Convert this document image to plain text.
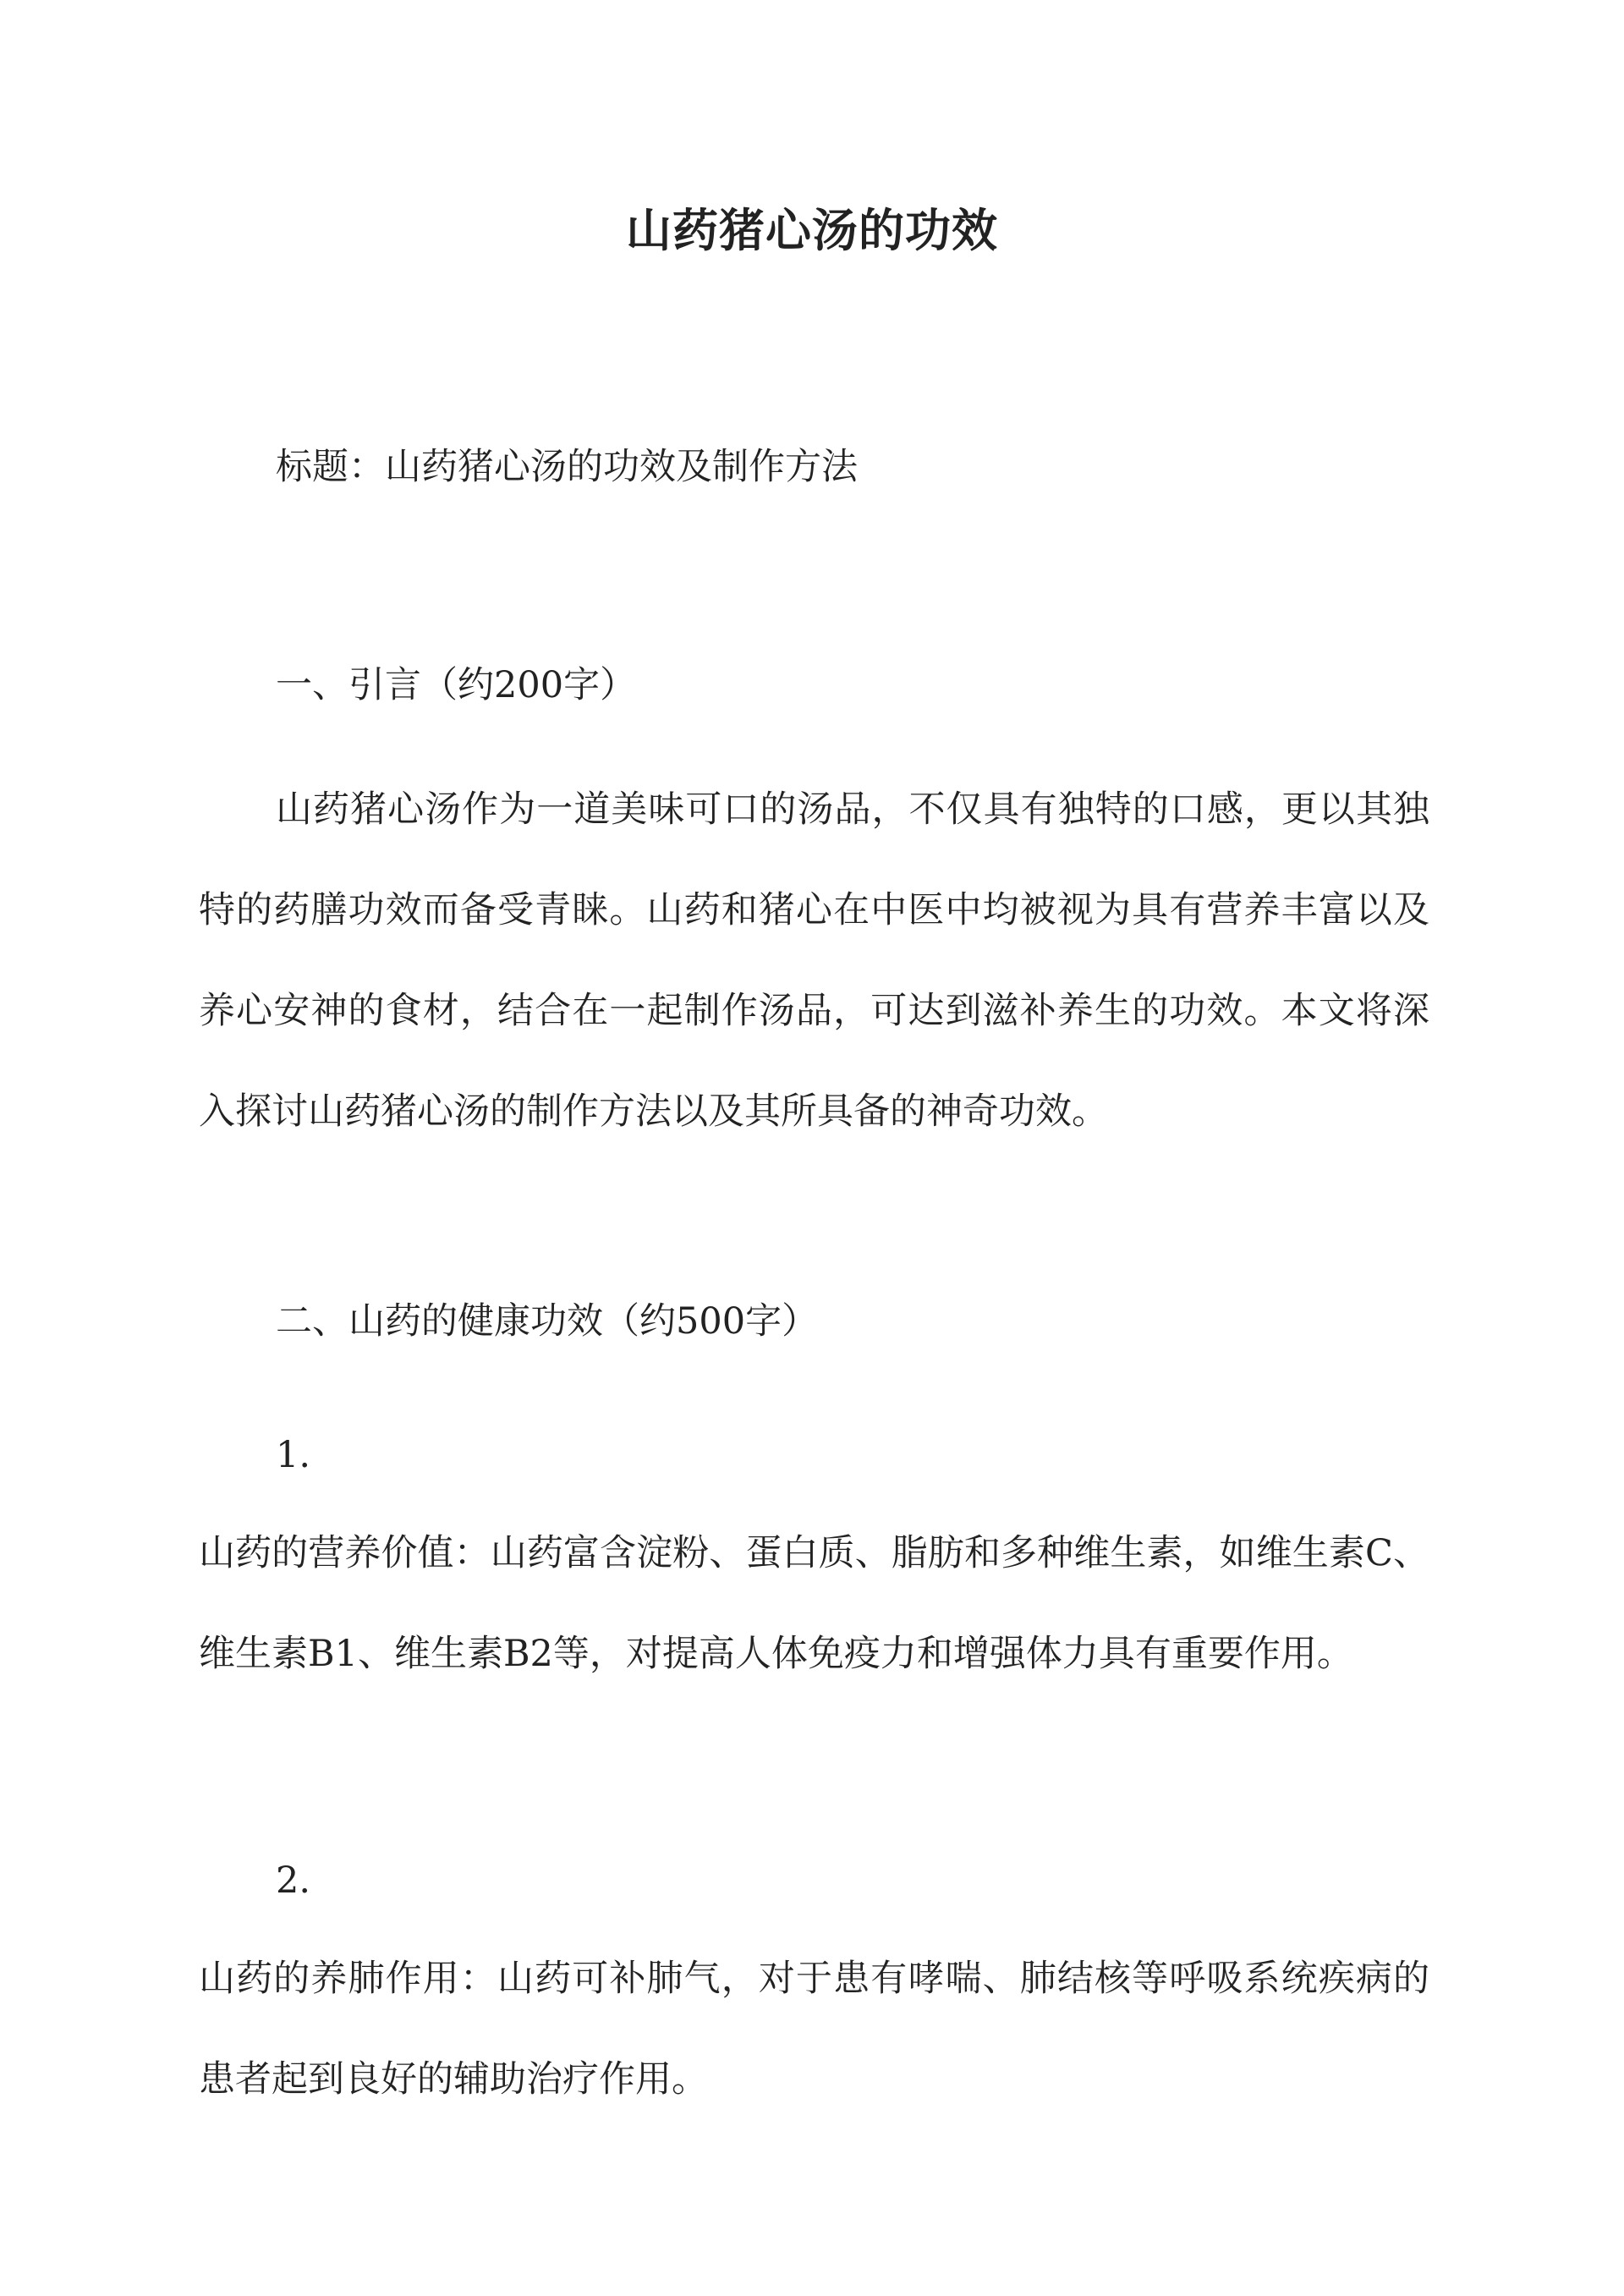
山药猪心汤的功效

标题：山药猪心汤的功效及制作方法

一、引言（约200字）

山药猪心汤作为一道美味可口的汤品，不仅具有独特的口感，更以其独特的药膳功效而备受青睐。山药和猪心在中医中均被视为具有营养丰富以及养心安神的食材，结合在一起制作汤品，可达到滋补养生的功效。本文将深入探讨山药猪心汤的制作方法以及其所具备的神奇功效。

二、山药的健康功效（约500字）

1.

山药的营养价值：山药富含淀粉、蛋白质、脂肪和多种维生素，如维生素C、维生素B1、维生素B2等，对提高人体免疫力和增强体力具有重要作用。

2.

山药的养肺作用：山药可补肺气，对于患有哮喘、肺结核等呼吸系统疾病的患者起到良好的辅助治疗作用。
